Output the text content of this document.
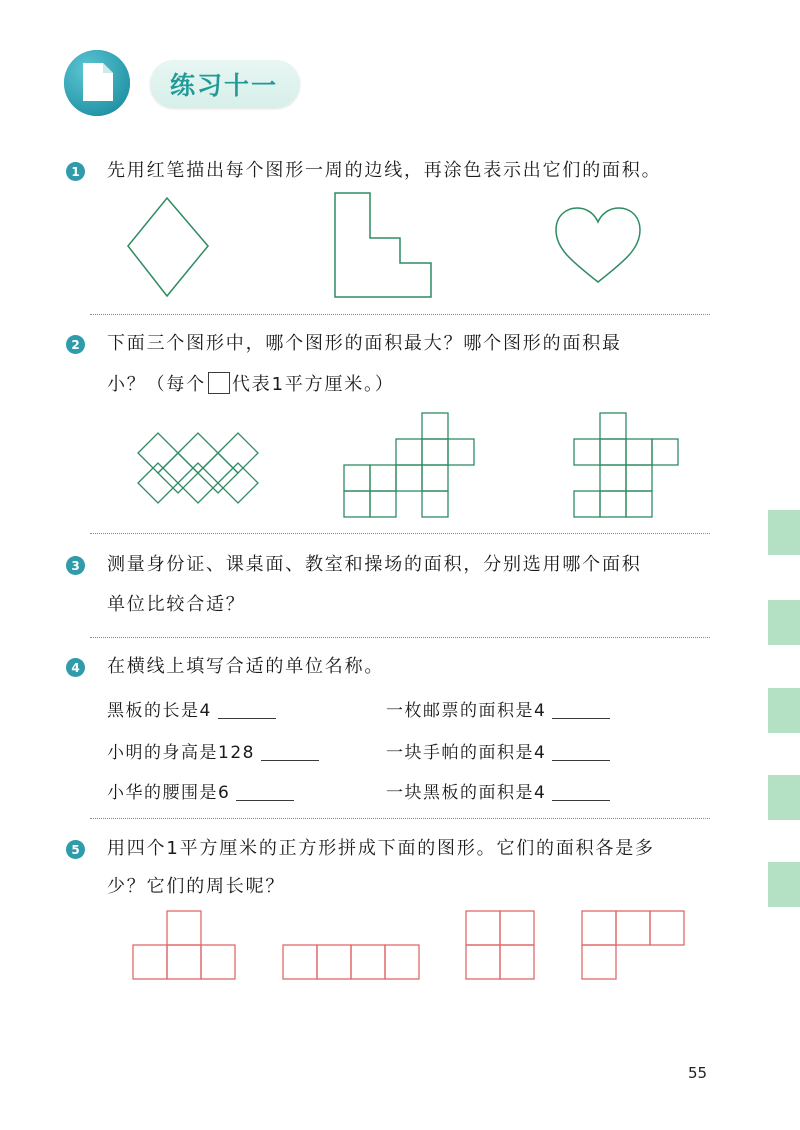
练习十一
1 先用红笔描出每个图形一周的边线，再涂色表示出它们的面积。
2 下面三个图形中，哪个图形的面积最大？哪个图形的面积最
小？（每个 代表1平方厘米。）
3 测量身份证、课桌面、教室和操场的面积，分别选用哪个面积
单位比较合适？
4 在横线上填写合适的单位名称。
黑板的长是4
小明的身高是128
小华的腰围是6
一枚邮票的面积是4
一块手帕的面积是4
一块黑板的面积是4
5 用四个1平方厘米的正方形拼成下面的图形。它们的面积各是多
少？它们的周长呢？
55
